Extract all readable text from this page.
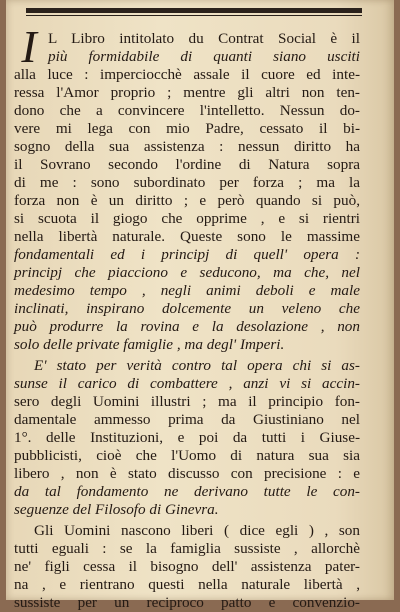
I L Libro intitolato du Contrat Social è il
più formidabile di quanti siano usciti
alla luce : imperciocchè assale il cuore ed inte-
ressa l'Amor proprio ; mentre gli altri non ten-
dono che a convincere l'intelletto. Nessun do-
vere mi lega con mio Padre, cessato il bi-
sogno della sua assistenza : nessun diritto ha
il Sovrano secondo l'ordine di Natura sopra
di me : sono subordinato per forza ; ma la
forza non è un diritto ; e però quando si può,
si scuota il giogo che opprime , e si rientri
nella libertà naturale. Queste sono le massime
fondamentali ed i principj di quell' opera :
principj che piacciono e seducono, ma che, nel
medesimo tempo , negli animi deboli e male
inclinati, inspirano dolcemente un veleno che
può produrre la rovina e la desolazione , non
solo delle private famiglie , ma degl' Imperi.
E' stato per verità contro tal opera chi si as-
sunse il carico di combattere , anzi vi si accin-
sero degli Uomini illustri ; ma il principio fon-
damentale ammesso prima da Giustiniano nel
1°. delle Instituzioni, e poi da tutti i Giuse-
pubblicisti, cioè che l'Uomo di natura sua sia
libero , non è stato discusso con precisione : e
da tal fondamento ne derivano tutte le con-
seguenze del Filosofo di Ginevra.
Gli Uomini nascono liberi ( dice egli ) , son
tutti eguali : se la famiglia sussiste , allorchè
ne' figli cessa il bisogno dell' assistenza pater-
na , e rientrano questi nella naturale libertà ,
sussiste per un reciproco patto e convenzio-
